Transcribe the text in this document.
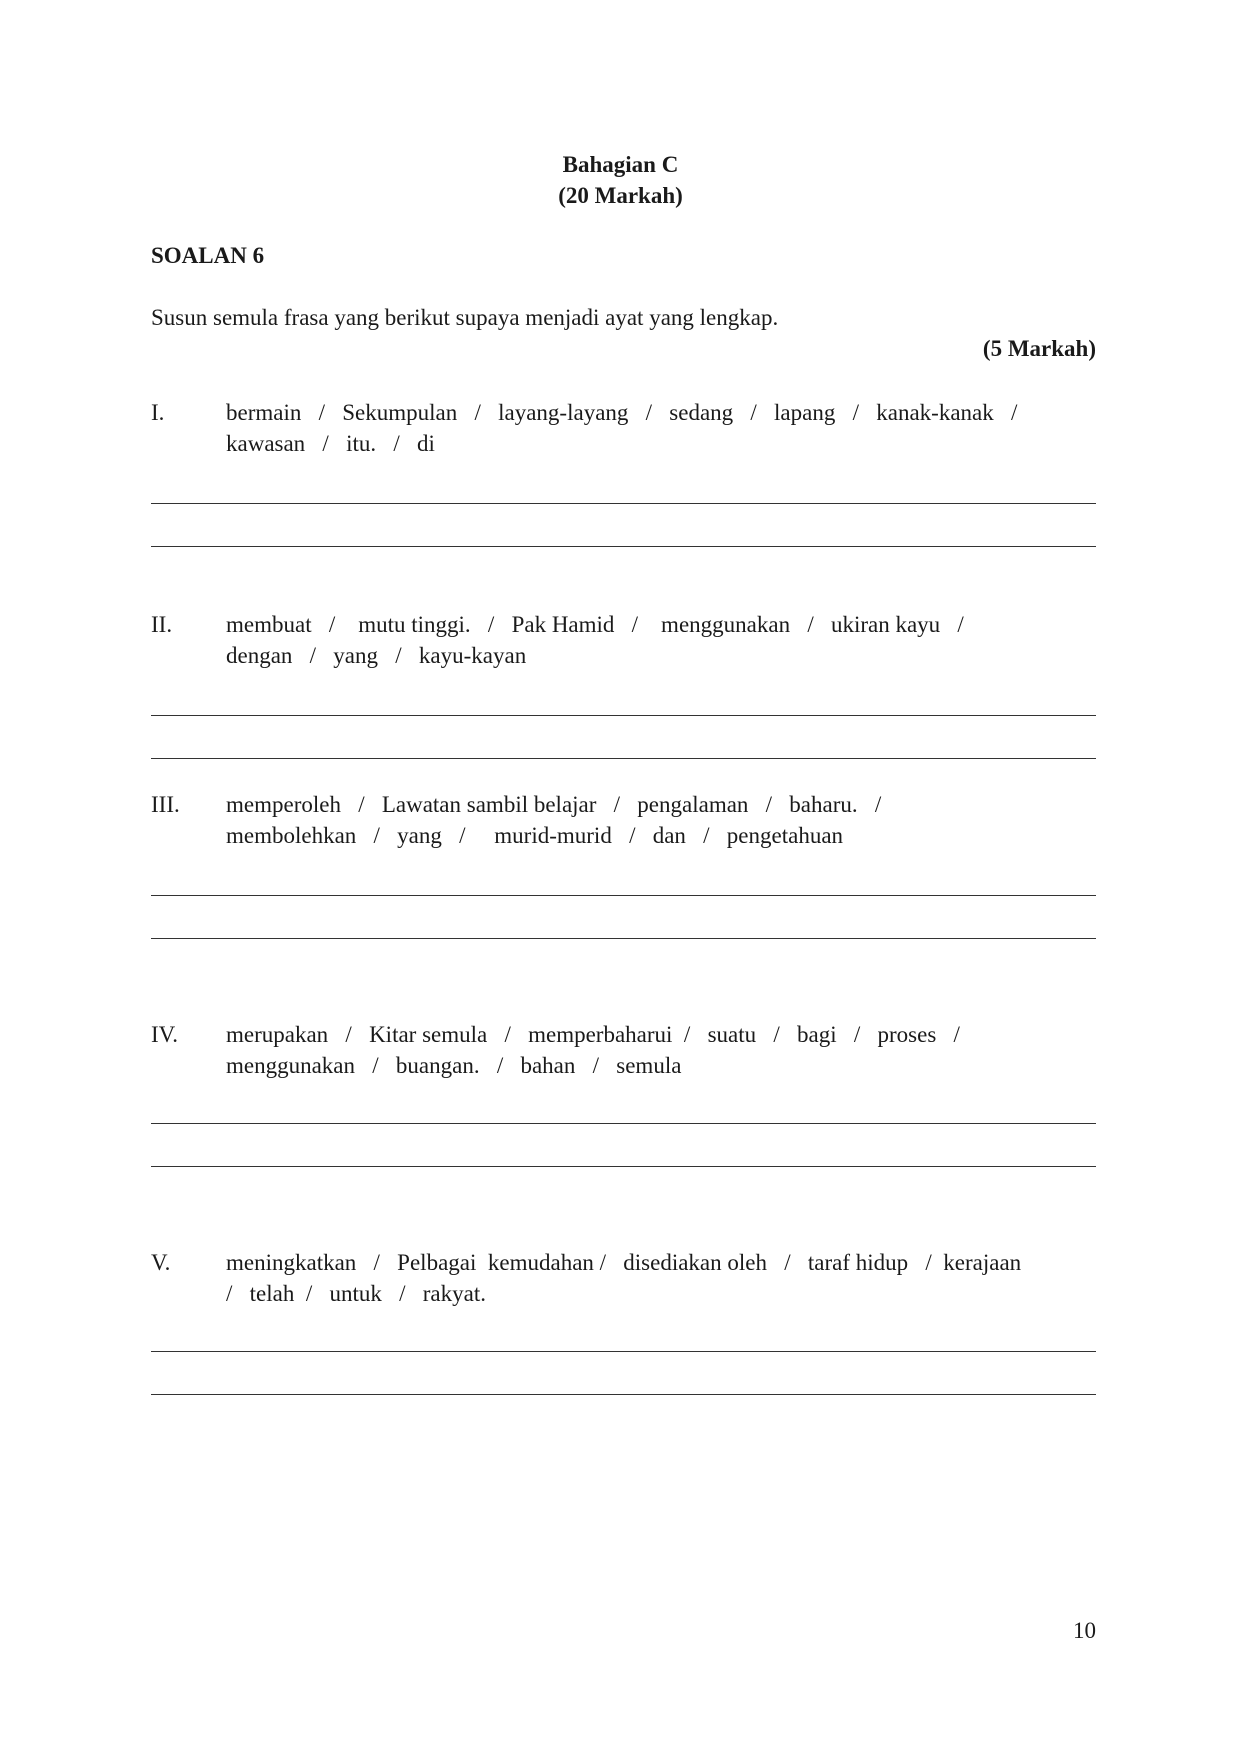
Bahagian C
(20 Markah)
SOALAN 6
Susun semula frasa yang berikut supaya menjadi ayat yang lengkap.
(5 Markah)
I.	bermain   /   Sekumpulan   /   layang-layang   /   sedang   /   lapang   /   kanak-kanak   /
kawasan   /   itu.   /   di
II. membuat   /    mutu tinggi.   /   Pak Hamid   /    menggunakan   /   ukiran kayu   /
dengan   /   yang   /   kayu-kayan
III. memperoleh   /   Lawatan sambil belajar   /   pengalaman   /   baharu.   /
membolehkan   /   yang   /     murid-murid   /   dan   /   pengetahuan
IV. merupakan   /   Kitar semula   /   memperbaharui  /   suatu   /   bagi   /   proses   /
menggunakan   /   buangan.   /   bahan   /   semula
V. meningkatkan   /   Pelbagai  kemudahan /   disediakan oleh   /   taraf hidup   /  kerajaan
/   telah  /   untuk   /   rakyat.
10
